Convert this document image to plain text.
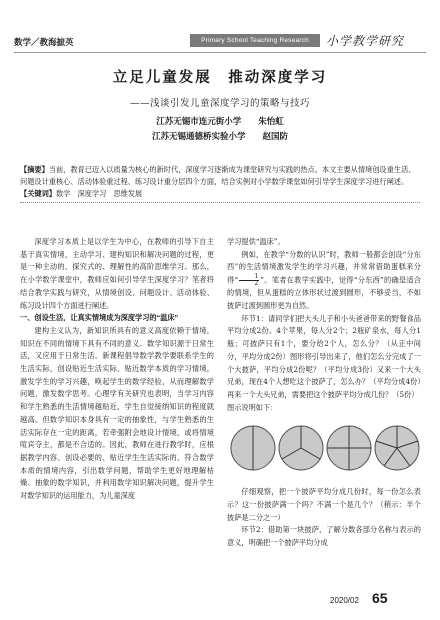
数学／教海摭英	Primary School Teaching Research	小学教学研究
立足儿童发展　推动深度学习
——浅谈引发儿童深度学习的策略与技巧
江苏无锡市连元街小学　　朱怡虹
江苏无锡通德桥实验小学　　赵国防
【摘要】当前，教育已迈入以质量为核心的新时代，深度学习逐渐成为课堂研究与实践的热点。本文主要从情境创设重生活、问题设计重核心、活动体验重过程、练习设计重分层四个方面，结合实例对小学数学课堂如何引导学生深度学习进行阐述。
【关键词】数学　深度学习　思维发展

深度学习本质上是以学生为中心，在教师的引导下自主基于真实情境，主动学习、建构知识和解决问题的过程，更是一种主动的、探究式的、理解性的高阶思维学习。那么，在小学数学课堂中，教师应如何引导学生深度学习？笔者将结合教学实践与研究，从情境创设、问题设计、活动体验、练习设计四个方面进行阐述。

一、创设生活，让真实情境成为深度学习的“温床”

建构主义认为，新知识所具有的意义高度依赖于情境，知识在不同的情境下具有不同的意义。数学知识源于日常生活，又应用于日常生活。新课程倡导数学教学要联系学生的生活实际，创设贴近生活实际、贴近数学本质的学习情境，激发学生的学习兴趣，唤起学生的数学经验，从而理解数学问题、激发数学思考。心理学有关研究也表明，当学习内容和学生熟悉的生活情境越贴近，学生自觉接纳知识的程度就越高。但数学知识本身具有一定的抽象性，与学生熟悉的生活实际存在一定的距离，若牵强附会地设计情境，或将情境喧宾夺主，都是不合适的。因此，教师在进行教学时，应根据教学内容、创设必要的、贴近学生生活实际的、符合数学本质的情境内容，引出数学问题，帮助学生更好地理解枯燥、抽象的数学知识，并利用数学知识解决问题，提升学生对数学知识的运用能力，为儿童深度

学习提供“温床”。

例如，在教学“分数的认识”时，教师一般都会创设“分东西”的生活情境激发学生的学习兴趣，并常常借助蛋糕来分得“ $\frac{1}{2}$ ”。笔者在教学实践中，觉得“分东西”的确是适合的情境，但从蛋糕的立体形状过渡到圆形，不够妥当，不如披萨过渡到圆形更为自然。

环节1：请同学们把大头儿子和小头爸爸带来的野餐食品平均分成2份。4个苹果，每人分2个；2瓶矿泉水，每人分1瓶；可披萨只有1个，要分给2个人，怎么分？（从正中间分，平均分成2份）图形将引导出来了，他们怎么分完成了一个大披萨，平均分成2份呢？（平均分成3份）又来一个大头兄弟，现在4个人想吃这个披萨了，怎么办？（平均分成4份）再来一个大头兄弟，需要把这个披萨平均分成几份？（5份）

图示说明如下：

仔细观察，把一个披萨平均分成几份时，每一份怎么表示？这一份披萨满一个吗？不满一个是几个？（稍示：半个披萨是二分之一）

环节2：借助第一块披萨，了解分数各部分名称与表示的意义，明确把一个披萨平均分成

2020/02 65
